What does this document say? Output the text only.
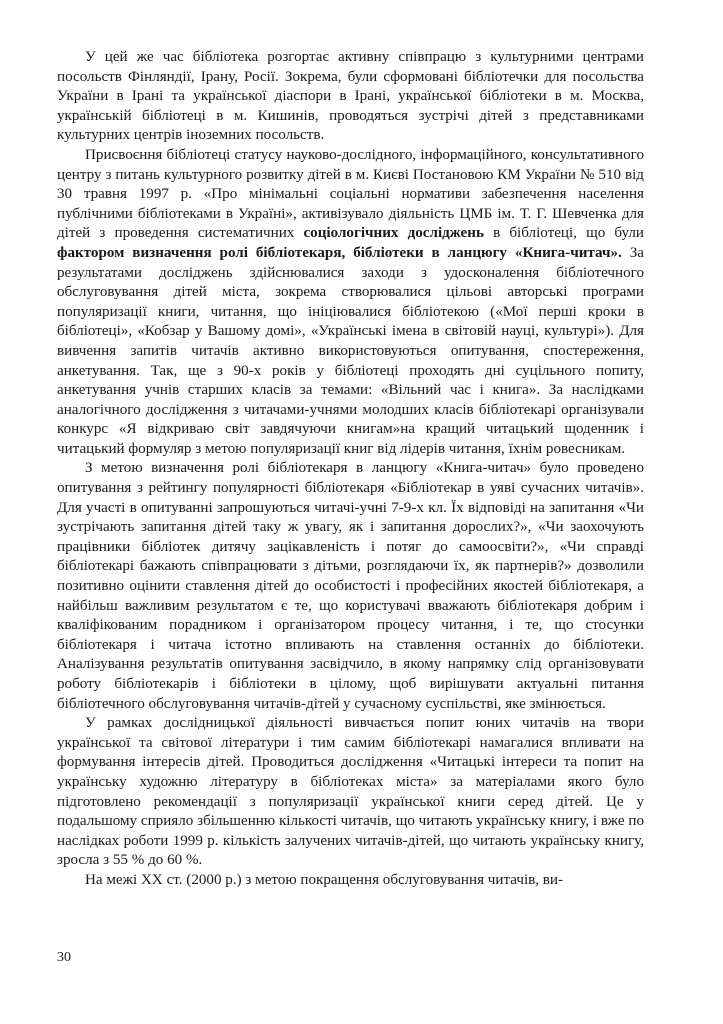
У цей же час бібліотека розгортає активну співпрацю з культурними центрами посольств Фінляндії, Ірану, Росії. Зокрема, були сформовані бібліотечки для посольства України в Ірані та української діаспори в Ірані, української бібліотеки в м. Москва, українській бібліотеці в м. Кишинів, проводяться зустрічі дітей з представниками культурних центрів іноземних посольств.

Присвоєння бібліотеці статусу науково-дослідного, інформаційного, консультативного центру з питань культурного розвитку дітей в м. Києві Постановою КМ України № 510 від 30 травня 1997 р. «Про мінімальні соціальні нормативи забезпечення населення публічними бібліотеками в Україні», активізувало діяльність ЦМБ ім. Т. Г. Шевченка для дітей з проведення систематичних соціологічних досліджень в бібліотеці, що були фактором визначення ролі бібліотекаря, бібліотеки в ланцюгу «Книга-читач». За результатами досліджень здійснювалися заходи з удосконалення бібліотечного обслуговування дітей міста, зокрема створювалися цільові авторські програми популяризації книги, читання, що ініціювалися бібліотекою («Мої перші кроки в бібліотеці», «Кобзар у Вашому домі», «Українські імена в світовій науці, культурі»). Для вивчення запитів читачів активно використовуються опитування, спостереження, анкетування. Так, ще з 90-х років у бібліотеці проходять дні суцільного попиту, анкетування учнів старших класів за темами: «Вільний час і книга». За наслідками аналогічного дослідження з читачами-учнями молодших класів бібліотекарі організували конкурс «Я відкриваю світ завдячуючи книгам»на кращий читацький щоденник і читацький формуляр з метою популяризації книг від лідерів читання, їхнім ровесникам.

З метою визначення ролі бібліотекаря в ланцюгу «Книга-читач» було проведено опитування з рейтингу популярності бібліотекаря «Бібліотекар в уяві сучасних читачів». Для участі в опитуванні запрошуються читачі-учні 7-9-х кл. Їх відповіді на запитання «Чи зустрічають запитання дітей таку ж увагу, як і запитання дорослих?», «Чи заохочують працівники бібліотек дитячу зацікавленість і потяг до самоосвіти?», «Чи справді бібліотекарі бажають співпрацювати з дітьми, розглядаючи їх, як партнерів?» дозволили позитивно оцінити ставлення дітей до особистості і професійних якостей бібліотекаря, а найбільш важливим результатом є те, що користувачі вважають бібліотекаря добрим і кваліфікованим порадником і організатором процесу читання, і те, що стосунки бібліотекаря і читача істотно впливають на ставлення останніх до бібліотеки. Аналізування результатів опитування засвідчило, в якому напрямку слід організовувати роботу бібліотекарів і бібліотеки в цілому, щоб вирішувати актуальні питання бібліотечного обслуговування читачів-дітей у сучасному суспільстві, яке змінюється.

У рамках дослідницької діяльності вивчається попит юних читачів на твори української та світової літератури і тим самим бібліотекарі намагалися впливати на формування інтересів дітей. Проводиться дослідження «Читацькі інтереси та попит на українську художню літературу в бібліотеках міста» за матеріалами якого було підготовлено рекомендації з популяризації української книги серед дітей. Це у подальшому сприяло збільшенню кількості читачів, що читають українську книгу, і вже по наслідках роботи 1999 р. кількість залучених читачів-дітей, що читають українську книгу, зросла з 55 % до 60 %.

На межі ХХ ст. (2000 р.) з метою покращення обслуговування читачів, ви-

30
